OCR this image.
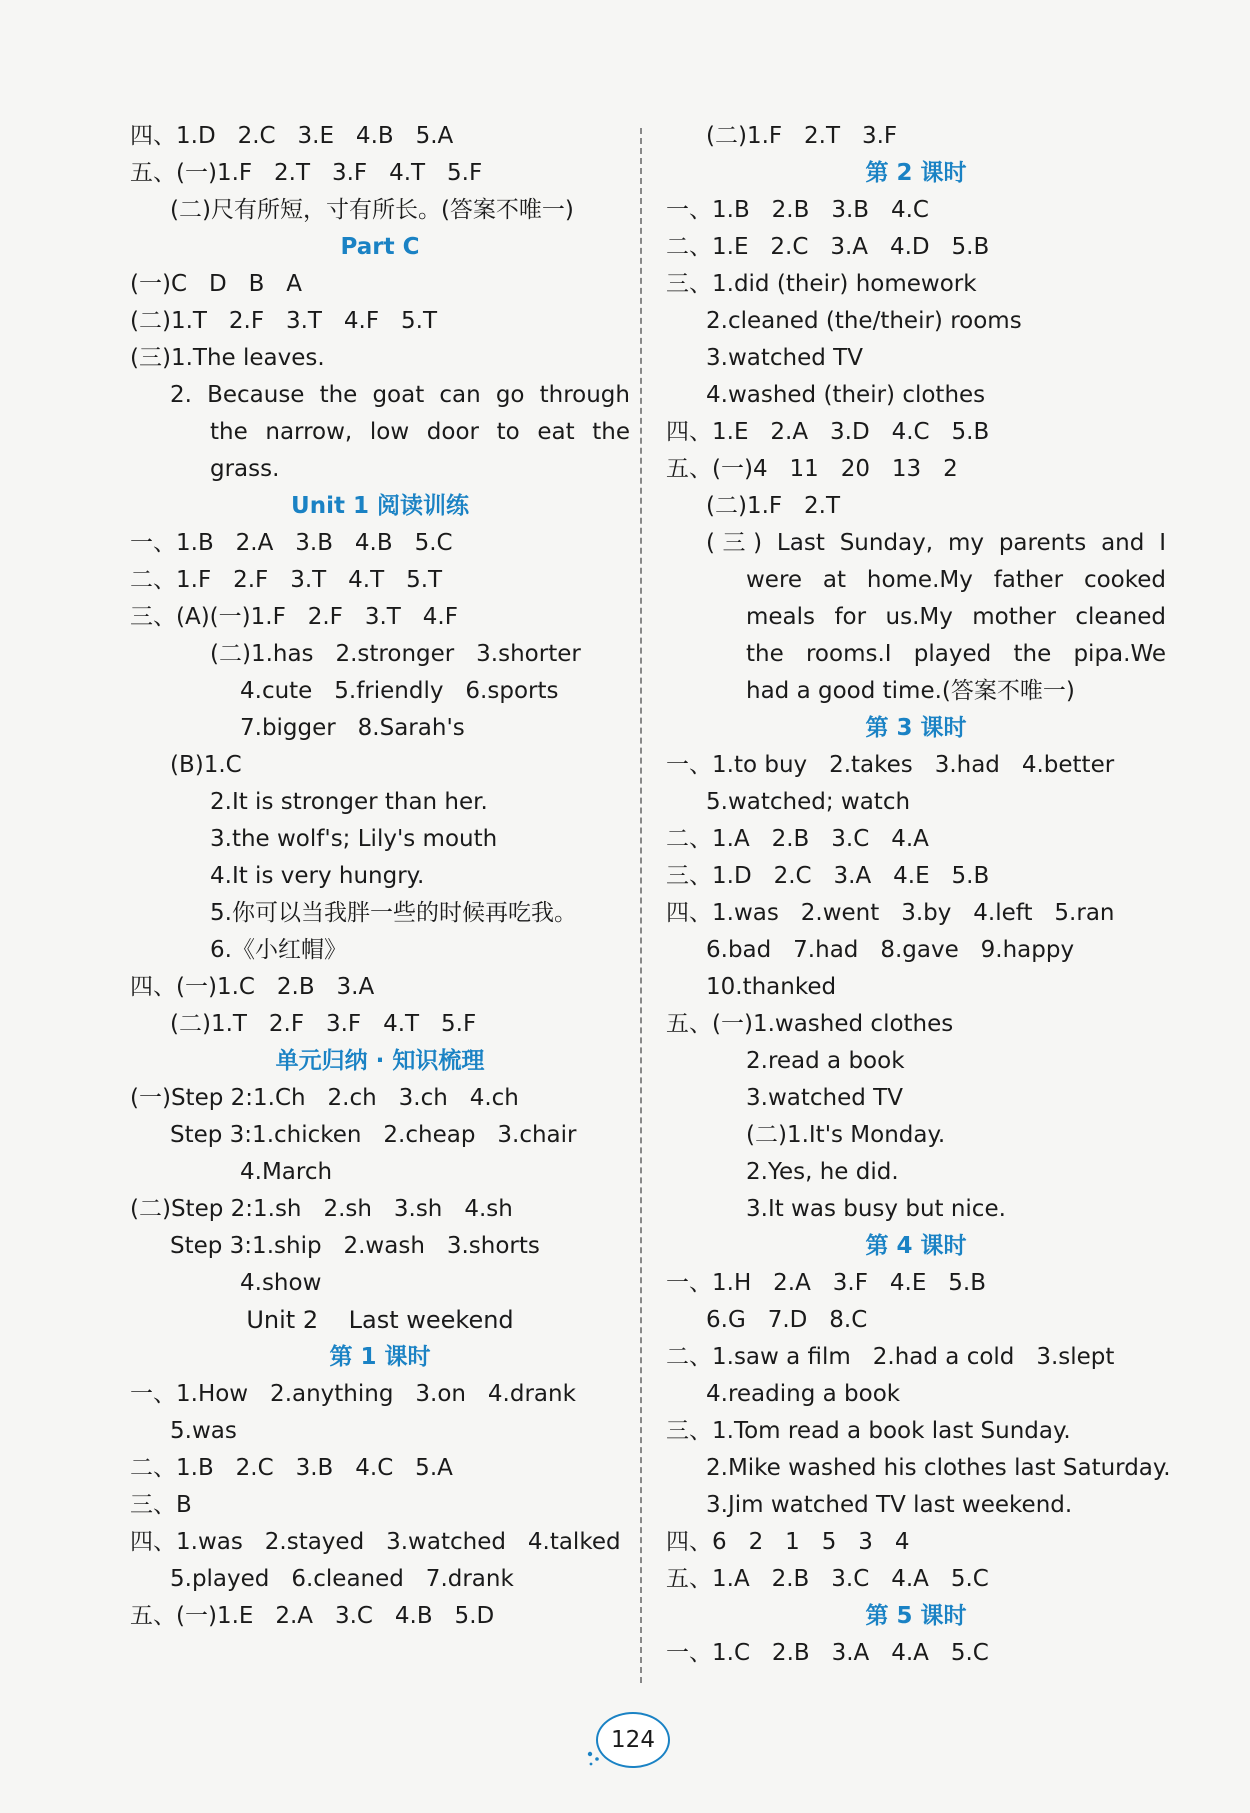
四、1.D   2.C   3.E   4.B   5.A
五、(一)1.F   2.T   3.F   4.T   5.F
(二)尺有所短，寸有所长。(答案不唯一)
Part C
(一)C   D   B   A
(二)1.T   2.F   3.T   4.F   5.T
(三)1.The leaves.
2. Because the goat can go through
the narrow, low door to eat the
grass.
Unit 1 阅读训练
一、1.B   2.A   3.B   4.B   5.C
二、1.F   2.F   3.T   4.T   5.T
三、(A)(一)1.F   2.F   3.T   4.F
(二)1.has   2.stronger   3.shorter
4.cute   5.friendly   6.sports
7.bigger   8.Sarah's
(B)1.C
2.It is stronger than her.
3.the wolf's; Lily's mouth
4.It is very hungry.
5.你可以当我胖一些的时候再吃我。
6.《小红帽》
四、(一)1.C   2.B   3.A
(二)1.T   2.F   3.F   4.T   5.F
单元归纳 · 知识梳理
(一)Step 2:1.Ch   2.ch   3.ch   4.ch
Step 3:1.chicken   2.cheap   3.chair
4.March
(二)Step 2:1.sh   2.sh   3.sh   4.sh
Step 3:1.ship   2.wash   3.shorts
4.show
Unit 2    Last weekend
第 1 课时
一、1.How   2.anything   3.on   4.drank
5.was
二、1.B   2.C   3.B   4.C   5.A
三、B
四、1.was   2.stayed   3.watched   4.talked
5.played   6.cleaned   7.drank
五、(一)1.E   2.A   3.C   4.B   5.D
(二)1.F   2.T   3.F
第 2 课时
一、1.B   2.B   3.B   4.C
二、1.E   2.C   3.A   4.D   5.B
三、1.did (their) homework
2.cleaned (the/their) rooms
3.watched TV
4.washed (their) clothes
四、1.E   2.A   3.D   4.C   5.B
五、(一)4   11   20   13   2
(二)1.F   2.T
(三) Last Sunday, my parents and I
were at home.My father cooked
meals for us.My mother cleaned
the rooms.I played the pipa.We
had a good time.(答案不唯一)
第 3 课时
一、1.to buy   2.takes   3.had   4.better
5.watched; watch
二、1.A   2.B   3.C   4.A
三、1.D   2.C   3.A   4.E   5.B
四、1.was   2.went   3.by   4.left   5.ran
6.bad   7.had   8.gave   9.happy
10.thanked
五、(一)1.washed clothes
2.read a book
3.watched TV
(二)1.It's Monday.
2.Yes, he did.
3.It was busy but nice.
第 4 课时
一、1.H   2.A   3.F   4.E   5.B
6.G   7.D   8.C
二、1.saw a film   2.had a cold   3.slept
4.reading a book
三、1.Tom read a book last Sunday.
2.Mike washed his clothes last Saturday.
3.Jim watched TV last weekend.
四、6   2   1   5   3   4
五、1.A   2.B   3.C   4.A   5.C
第 5 课时
一、1.C   2.B   3.A   4.A   5.C
124
